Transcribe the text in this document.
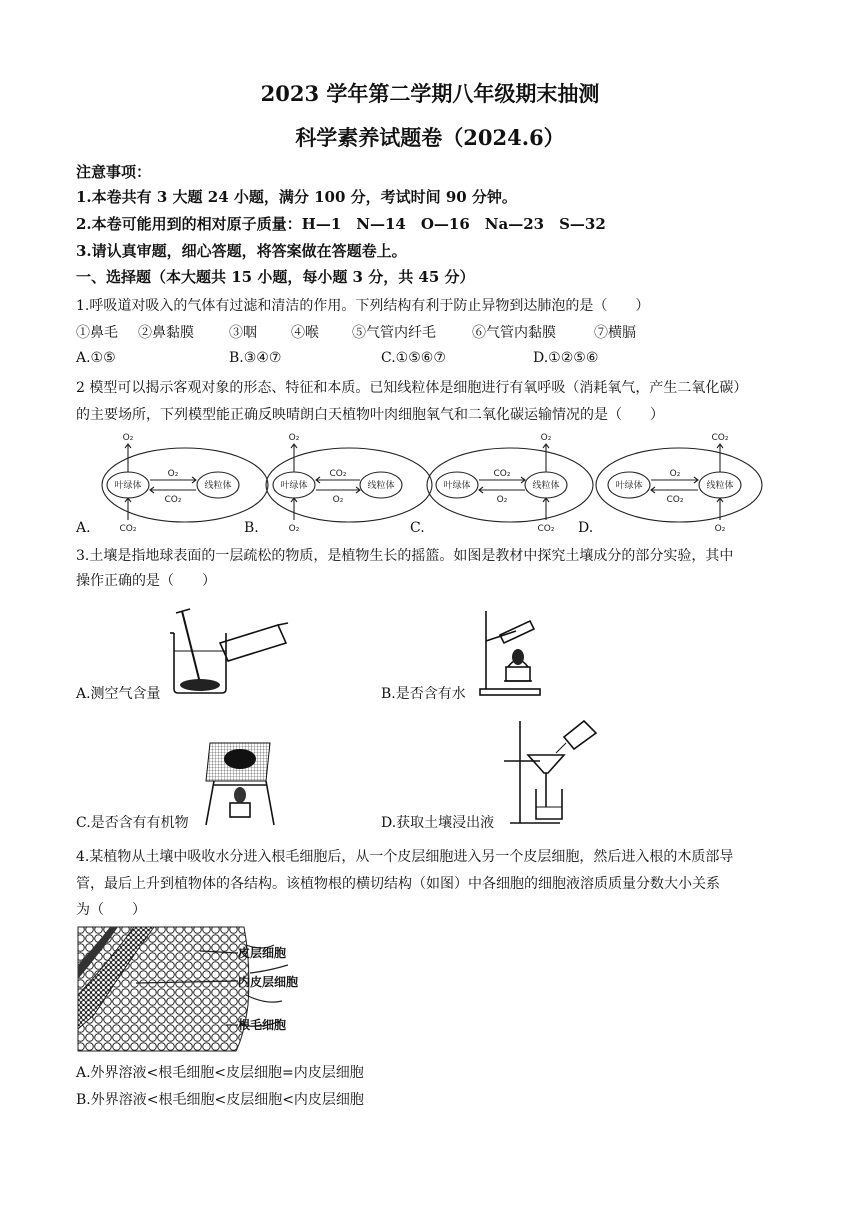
2023 学年第二学期八年级期末抽测
科学素养试题卷（2024.6）
注意事项：
1.本卷共有 3 大题 24 小题，满分 100 分，考试时间 90 分钟。
2.本卷可能用到的相对原子质量：H—1　N—14　O—16　Na—23　S—32
3.请认真审题，细心答题，将答案做在答题卷上。
一、选择题（本大题共 15 小题，每小题 3 分，共 45 分）
1.呼吸道对吸入的气体有过滤和清洁的作用。下列结构有利于防止异物到达肺泡的是（　　）
①鼻毛 ②鼻黏膜	③咽 ④喉 ⑤气管内纤毛	⑥气管内黏膜	⑦横膈
A.①⑤	B.③④⑦	C.①⑤⑥⑦	D.①②⑤⑥
2 模型可以揭示客观对象的形态、特征和本质。已知线粒体是细胞进行有氧呼吸（消耗氧气，产生二氧化碳）
的主要场所，下列模型能正确反映晴朗白天植物叶肉细胞氧气和二氧化碳运输情况的是（　　）
叶绿体	线粒体
O₂
CO₂
O₂
CO₂
叶绿体	线粒体
CO₂
O₂
O₂
O₂
叶绿体	线粒体
CO₂
O₂
O₂
CO₂
叶绿体	线粒体
O₂
CO₂
CO₂
O₂
A.	B.	C.	D.
3.土壤是指地球表面的一层疏松的物质，是植物生长的摇篮。如图是教材中探究土壤成分的部分实验，其中
操作正确的是（　　）
A.测空气含量	B.是否含有水
C.是否含有有机物	D.获取土壤浸出液
4.某植物从土壤中吸收水分进入根毛细胞后，从一个皮层细胞进入另一个皮层细胞，然后进入根的木质部导
管，最后上升到植物体的各结构。该植物根的横切结构（如图）中各细胞的细胞液溶质质量分数大小关系
为（　　）
皮层细胞
内皮层细胞
根毛细胞
A.外界溶液<根毛细胞<皮层细胞=内皮层细胞
B.外界溶液<根毛细胞<皮层细胞<内皮层细胞
